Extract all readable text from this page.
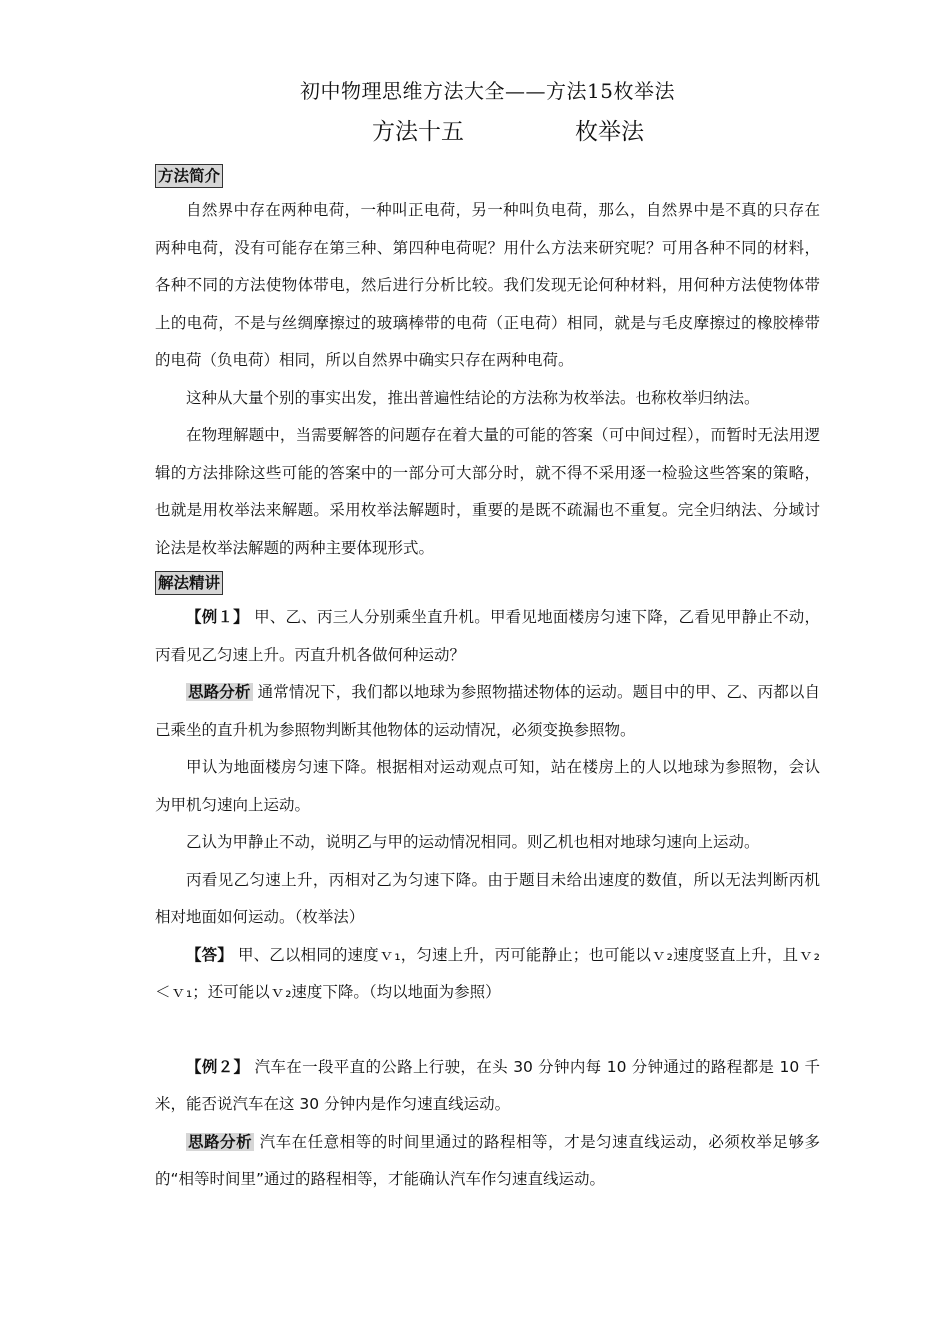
初中物理思维方法大全——方法15枚举法
方法十五	枚举法
方法简介

自然界中存在两种电荷，一种叫正电荷，另一种叫负电荷，那么，自然界中是不真的只存在两种电荷，没有可能存在第三种、第四种电荷呢？用什么方法来研究呢？可用各种不同的材料，各种不同的方法使物体带电，然后进行分析比较。我们发现无论何种材料，用何种方法使物体带上的电荷，不是与丝绸摩擦过的玻璃棒带的电荷（正电荷）相同，就是与毛皮摩擦过的橡胶棒带的电荷（负电荷）相同，所以自然界中确实只存在两种电荷。

这种从大量个别的事实出发，推出普遍性结论的方法称为枚举法。也称枚举归纳法。

在物理解题中，当需要解答的问题存在着大量的可能的答案（可中间过程），而暂时无法用逻辑的方法排除这些可能的答案中的一部分可大部分时，就不得不采用逐一检验这些答案的策略，也就是用枚举法来解题。采用枚举法解题时，重要的是既不疏漏也不重复。完全归纳法、分域讨论法是枚举法解题的两种主要体现形式。

解法精讲

【例１】 甲、乙、丙三人分别乘坐直升机。甲看见地面楼房匀速下降，乙看见甲静止不动，丙看见乙匀速上升。丙直升机各做何种运动？

思路分析 通常情况下，我们都以地球为参照物描述物体的运动。题目中的甲、乙、丙都以自己乘坐的直升机为参照物判断其他物体的运动情况，必须变换参照物。

甲认为地面楼房匀速下降。根据相对运动观点可知，站在楼房上的人以地球为参照物，会认为甲机匀速向上运动。

乙认为甲静止不动，说明乙与甲的运动情况相同。则乙机也相对地球匀速向上运动。

丙看见乙匀速上升，丙相对乙为匀速下降。由于题目未给出速度的数值，所以无法判断丙机相对地面如何运动。（枚举法）

【答】 甲、乙以相同的速度ｖ₁，匀速上升，丙可能静止；也可能以ｖ₂速度竖直上升，且ｖ₂＜ｖ₁；还可能以ｖ₂速度下降。（均以地面为参照）

【例２】 汽车在一段平直的公路上行驶，在头 30 分钟内每 10 分钟通过的路程都是 10 千米，能否说汽车在这 30 分钟内是作匀速直线运动。

思路分析 汽车在任意相等的时间里通过的路程相等，才是匀速直线运动，必须枚举足够多的“相等时间里”通过的路程相等，才能确认汽车作匀速直线运动。
